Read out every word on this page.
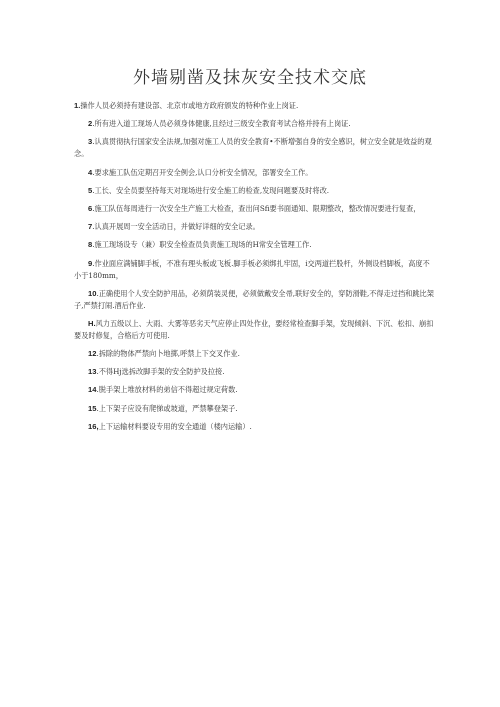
外墙剔凿及抹灰安全技术交底

1.操作人员必须持有建设部、北京市或地方政府颁发的特种作业上岗证.

2.所有进入道工现场人员必须身体健康,且经过三级安全教育考试合格并持有上岗证.

3.认真贯彻执行国家安全法规,加强对施工人员的安全教育•不断增强自身的安全感识，树立安全就是效益的观念。

4.要求施工队伍定期召开安全例会,认口分析安全情况，部署安全工作。

5.工长、安全员要坚持每天对现场进行安全施工的检查,发现问题要及时将改.

6.施工队伍每周进行一次安全生产施工大检查，查出问Sfi要书面通知、限期整改，整改情况要进行复查，

7.认真开展周一安全活动日，并做好详细的安全记录。

8.施工现场设专（兼）职安全检查员负责施工现场的H常安全管理工作.

9.作业面应满铺脚手板，不准有理头板或飞板.脚手板必须绑扎牢固，i交两道拦股杆，外侧设档脚板，高度不小于180mm，

10.正确使用个人安全防护用品，必须荫装灵便，必须做戴安全帚,联好安全的，穿防滑鞋,不得走过挡和跳比架子,严禁打闹.酒后作业.

H.风力五级以上、大雨、大雾等恶劣天气应停止四处作业，要经常检查脚手架，发现倾斜、下沉、松扣、崩扣要及时修复，合格后方可使用.

12.拆除的物体严禁向卜地掷,呼禁上下交叉作业.

13.不得Hj选拆改脚手架的安全防护及拉接.

14.脱手架上堆放材料的弟信不得超过规定荷数.

15.上下架子应设有爬悌或坡道，严禁攀登架子.

16,上下运输材料要设专用的安全通道（楼内运输）.
